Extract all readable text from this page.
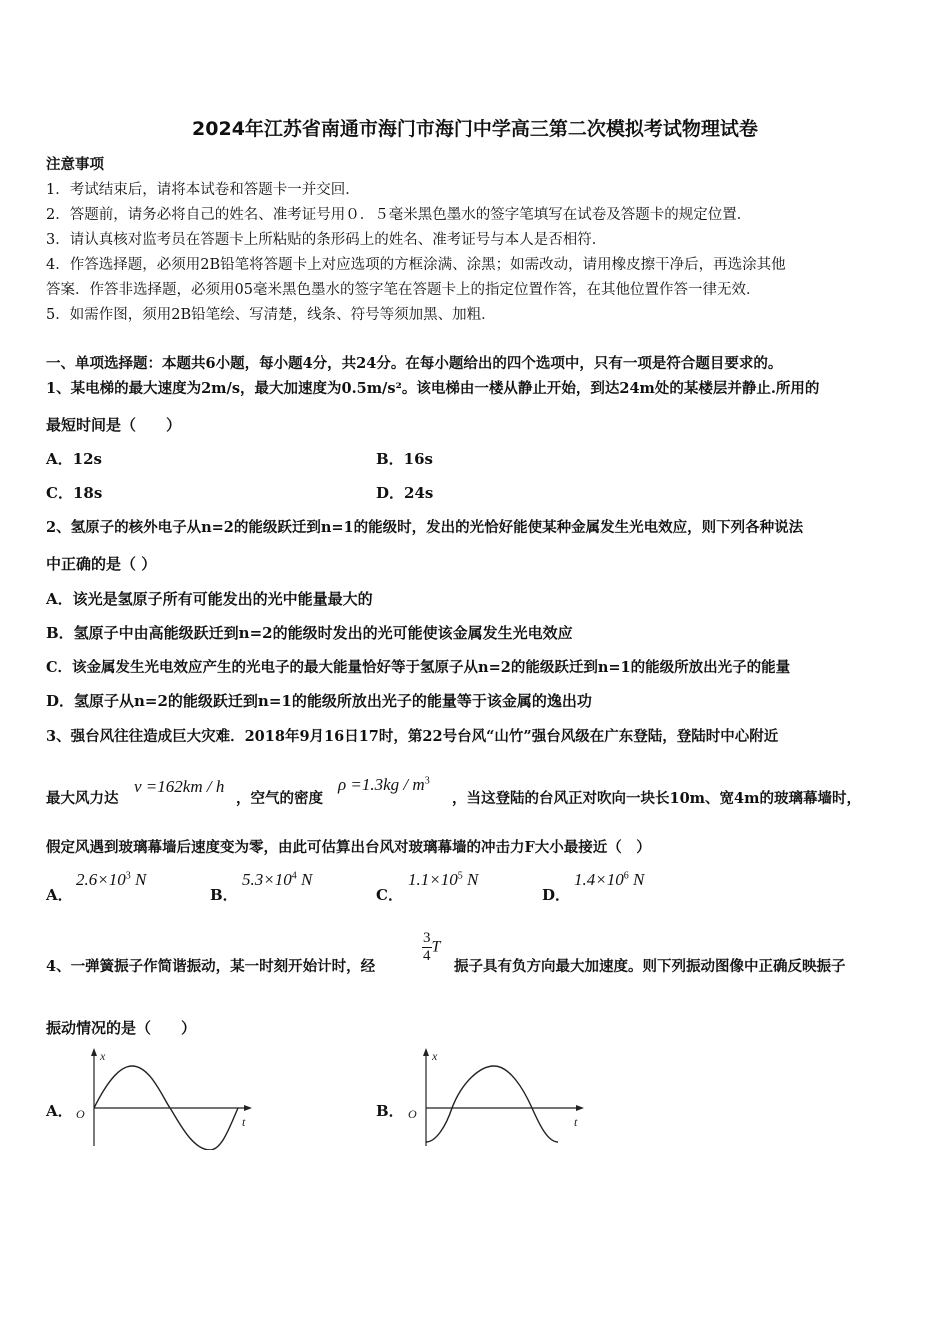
2024年江苏省南通市海门市海门中学高三第二次模拟考试物理试卷
注意事项
1．考试结束后，请将本试卷和答题卡一并交回．
2．答题前，请务必将自己的姓名、准考证号用０．５毫米黑色墨水的签字笔填写在试卷及答题卡的规定位置．
3．请认真核对监考员在答题卡上所粘贴的条形码上的姓名、准考证号与本人是否相符．
4．作答选择题，必须用2B铅笔将答题卡上对应选项的方框涂满、涂黑；如需改动，请用橡皮擦干净后，再选涂其他
答案．作答非选择题，必须用05毫米黑色墨水的签字笔在答题卡上的指定位置作答，在其他位置作答一律无效．
5．如需作图，须用2B铅笔绘、写清楚，线条、符号等须加黑、加粗．
一、单项选择题：本题共6小题，每小题4分，共24分。在每小题给出的四个选项中，只有一项是符合题目要求的。
1、某电梯的最大速度为2m/s，最大加速度为0.5m/s²。该电梯由一楼从静止开始，到达24m处的某楼层并静止.所用的
最短时间是（　　）
A．12s	B．16s
C．18s	D．24s
2、氢原子的核外电子从n=2的能级跃迁到n=1的能级时，发出的光恰好能使某种金属发生光电效应，则下列各种说法
中正确的是（ ）
A．该光是氢原子所有可能发出的光中能量最大的
B．氢原子中由高能级跃迁到n=2的能级时发出的光可能使该金属发生光电效应
C．该金属发生光电效应产生的光电子的最大能量恰好等于氢原子从n=2的能级跃迁到n=1的能级所放出光子的能量
D．氢原子从n=2的能级跃迁到n=1的能级所放出光子的能量等于该金属的逸出功
3、强台风往往造成巨大灾难．2018年9月16日17时，第22号台风“山竹”强台风级在广东登陆，登陆时中心附近
最大风力达
v =162km / h
，空气的密度
$\rho =1.3kg / m^3$
，当这登陆的台风正对吹向一块长10m、宽4m的玻璃幕墙时，
假定风遇到玻璃幕墙后速度变为零，由此可估算出台风对玻璃幕墙的冲击力F大小最接近（　）
A．
$2.6\times 10^3$ N
B．
$5.3\times 10^4$ N
C．
$1.1\times 10^5$ N
D．
$1.4\times 10^6$ N
4、一弹簧振子作简谐振动，某一时刻开始计时，经
$\frac{3}{4}$ T
振子具有负方向最大加速度。则下列振动图像中正确反映振子
振动情况的是（　　）
A．
x
t
O	B．
x
t
O
